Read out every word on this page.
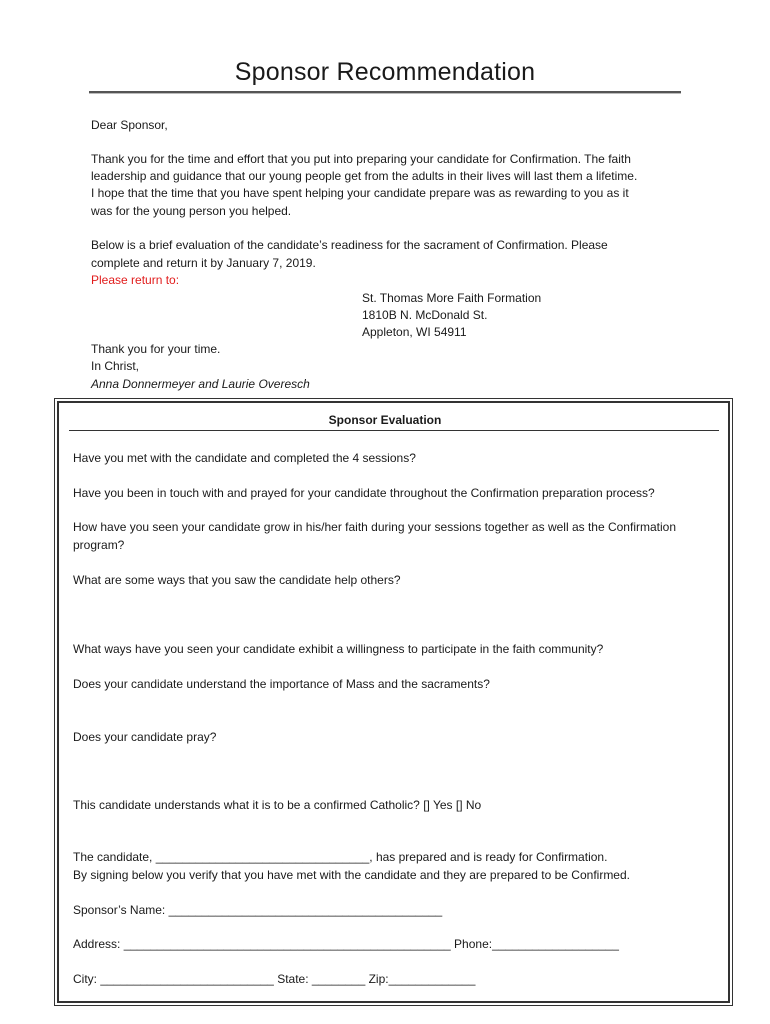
Sponsor Recommendation
Dear Sponsor,
Thank you for the time and effort that you put into preparing your candidate for Confirmation. The faith
leadership and guidance that our young people get from the adults in their lives will last them a lifetime.
I hope that the time that you have spent helping your candidate prepare was as rewarding to you as it
was for the young person you helped.
Below is a brief evaluation of the candidate’s readiness for the sacrament of Confirmation. Please
complete and return it by January 7, 2019.
Please return to:
St. Thomas More Faith Formation
1810B N. McDonald St.
Appleton, WI 54911
Thank you for your time.
In Christ,
Anna Donnermeyer and Laurie Overesch
Sponsor Evaluation
Have you met with the candidate and completed the 4 sessions?
Have you been in touch with and prayed for your candidate throughout the Confirmation preparation process?
How have you seen your candidate grow in his/her faith during your sessions together as well as the Confirmation
program?
What are some ways that you saw the candidate help others?
What ways have you seen your candidate exhibit a willingness to participate in the faith community?
Does your candidate understand the importance of Mass and the sacraments?
Does your candidate pray?
This candidate understands what it is to be a confirmed Catholic? [] Yes [] No
The candidate, ________________________________, has prepared and is ready for Confirmation.
By signing below you verify that you have met with the candidate and they are prepared to be Confirmed.
Sponsor’s Name: _________________________________________
Address: _________________________________________________ Phone:___________________
City: __________________________ State: ________ Zip:_____________
